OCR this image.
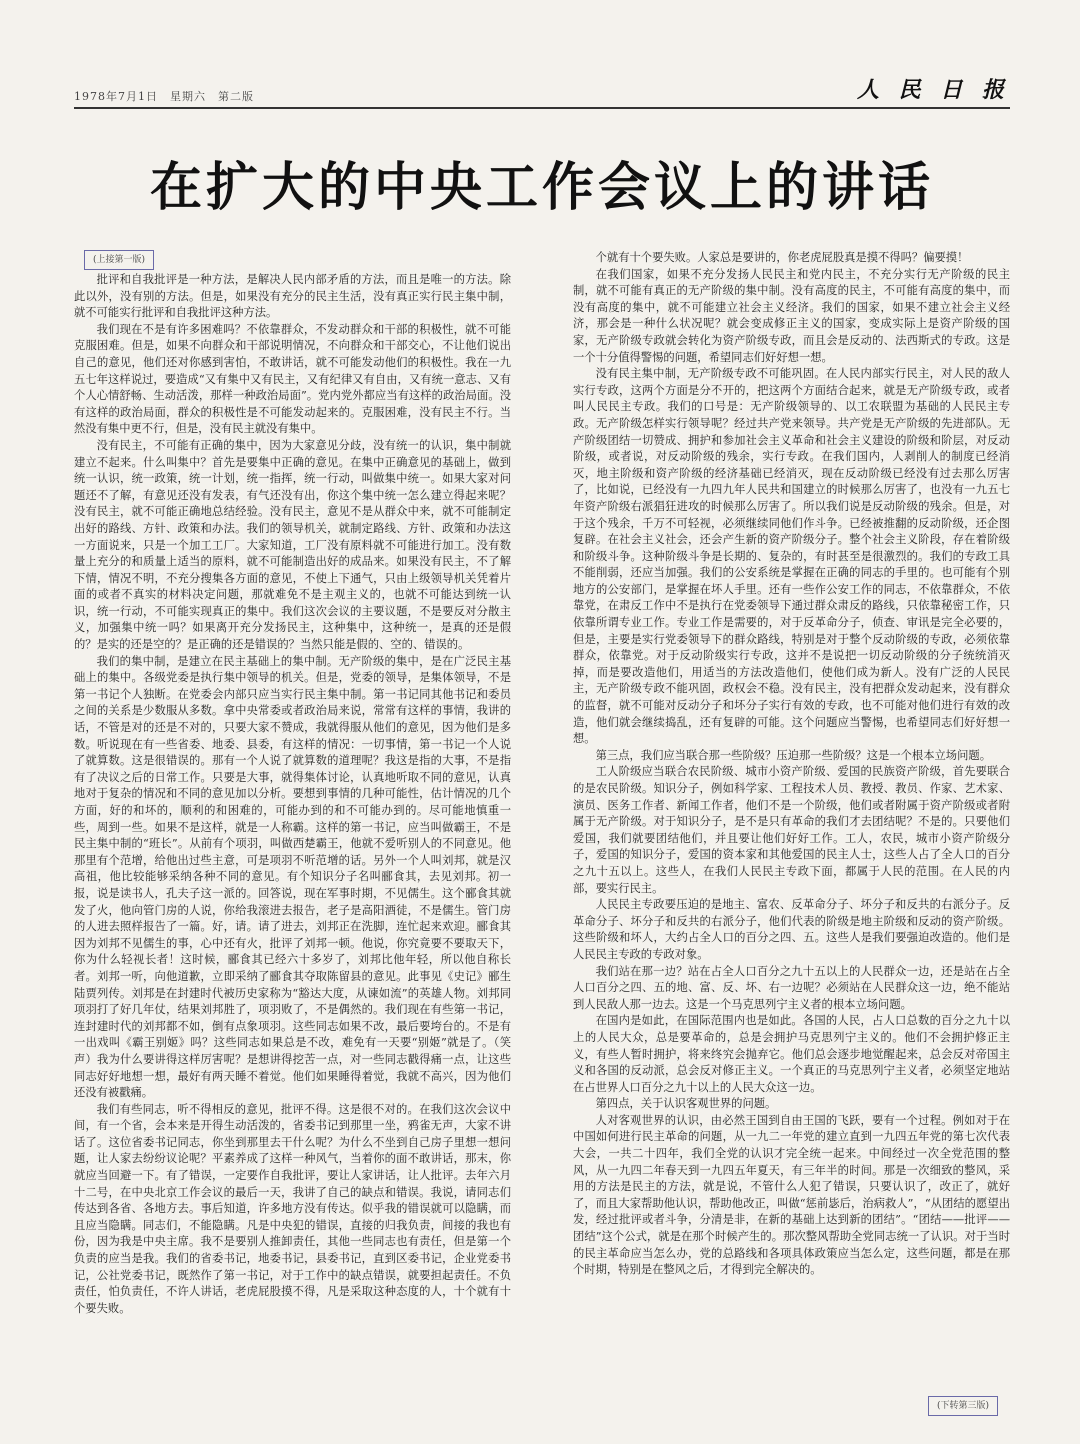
1978年7月1日　星期六　第二版	人 民 日 报
在扩大的中央工作会议上的讲话
(上接第一版)

批评和自我批评是一种方法，是解决人民内部矛盾的方法，而且是唯一的方法。除此以外，没有别的方法。但是，如果没有充分的民主生活，没有真正实行民主集中制，就不可能实行批评和自我批评这种方法。

我们现在不是有许多困难吗？不依靠群众，不发动群众和干部的积极性，就不可能克服困难。但是，如果不向群众和干部说明情况，不向群众和干部交心，不让他们说出自己的意见，他们还对你感到害怕，不敢讲话，就不可能发动他们的积极性。我在一九五七年这样说过，要造成“又有集中又有民主，又有纪律又有自由，又有统一意志、又有个人心情舒畅、生动活泼，那样一种政治局面”。党内党外都应当有这样的政治局面。没有这样的政治局面，群众的积极性是不可能发动起来的。克服困难，没有民主不行。当然没有集中更不行，但是，没有民主就没有集中。

没有民主，不可能有正确的集中，因为大家意见分歧，没有统一的认识，集中制就建立不起来。什么叫集中？首先是要集中正确的意见。在集中正确意见的基础上，做到统一认识，统一政策，统一计划，统一指挥，统一行动，叫做集中统一。如果大家对问题还不了解，有意见还没有发表，有气还没有出，你这个集中统一怎么建立得起来呢？没有民主，就不可能正确地总结经验。没有民主，意见不是从群众中来，就不可能制定出好的路线、方针、政策和办法。我们的领导机关，就制定路线、方针、政策和办法这一方面说来，只是一个加工工厂。大家知道，工厂没有原料就不可能进行加工。没有数量上充分的和质量上适当的原料，就不可能制造出好的成品来。如果没有民主，不了解下情，情况不明，不充分搜集各方面的意见，不使上下通气，只由上级领导机关凭着片面的或者不真实的材料决定问题，那就难免不是主观主义的，也就不可能达到统一认识，统一行动，不可能实现真正的集中。我们这次会议的主要议题，不是要反对分散主义，加强集中统一吗？如果离开充分发扬民主，这种集中，这种统一，是真的还是假的？是实的还是空的？是正确的还是错误的？当然只能是假的、空的、错误的。

我们的集中制，是建立在民主基础上的集中制。无产阶级的集中，是在广泛民主基础上的集中。各级党委是执行集中领导的机关。但是，党委的领导，是集体领导，不是第一书记个人独断。在党委会内部只应当实行民主集中制。第一书记同其他书记和委员之间的关系是少数服从多数。拿中央常委或者政治局来说，常常有这样的事情，我讲的话，不管是对的还是不对的，只要大家不赞成，我就得服从他们的意见，因为他们是多数。听说现在有一些省委、地委、县委，有这样的情况：一切事情，第一书记一个人说了就算数。这是很错误的。那有一个人说了就算数的道理呢？我这是指的大事，不是指有了决议之后的日常工作。只要是大事，就得集体讨论，认真地听取不同的意见，认真地对于复杂的情况和不同的意见加以分析。要想到事情的几种可能性，估计情况的几个方面，好的和坏的，顺利的和困难的，可能办到的和不可能办到的。尽可能地慎重一些，周到一些。如果不是这样，就是一人称霸。这样的第一书记，应当叫做霸王，不是民主集中制的“班长”。从前有个项羽，叫做西楚霸王，他就不爱听别人的不同意见。他那里有个范增，给他出过些主意，可是项羽不听范增的话。另外一个人叫刘邦，就是汉高祖，他比较能够采纳各种不同的意见。有个知识分子名叫郦食其，去见刘邦。初一报，说是读书人，孔夫子这一派的。回答说，现在军事时期，不见儒生。这个郦食其就发了火，他向管门房的人说，你给我滚进去报告，老子是高阳酒徒，不是儒生。管门房的人进去照样报告了一篇。好，请。请了进去，刘邦正在洗脚，连忙起来欢迎。郦食其因为刘邦不见儒生的事，心中还有火，批评了刘邦一顿。他说，你究竟要不要取天下，你为什么轻视长者！这时候，郦食其已经六十多岁了，刘邦比他年轻，所以他自称长者。刘邦一听，向他道歉，立即采纳了郦食其夺取陈留县的意见。此事见《史记》郦生陆贾列传。刘邦是在封建时代被历史家称为“豁达大度，从谏如流”的英雄人物。刘邦同项羽打了好几年仗，结果刘邦胜了，项羽败了，不是偶然的。我们现在有些第一书记，连封建时代的刘邦都不如，倒有点象项羽。这些同志如果不改，最后要垮台的。不是有一出戏叫《霸王别姬》吗？这些同志如果总是不改，难免有一天要“别姬”就是了。（笑声）我为什么要讲得这样厉害呢？是想讲得挖苦一点，对一些同志戳得痛一点，让这些同志好好地想一想，最好有两天睡不着觉。他们如果睡得着觉，我就不高兴，因为他们还没有被戳痛。

我们有些同志，听不得相反的意见，批评不得。这是很不对的。在我们这次会议中间，有一个省，会本来是开得生动活泼的，省委书记到那里一坐，鸦雀无声，大家不讲话了。这位省委书记同志，你坐到那里去干什么呢？为什么不坐到自己房子里想一想问题，让人家去纷纷议论呢？平素养成了这样一种风气，当着你的面不敢讲话，那末，你就应当回避一下。有了错误，一定要作自我批评，要让人家讲话，让人批评。去年六月十二号，在中央北京工作会议的最后一天，我讲了自己的缺点和错误。我说，请同志们传达到各省、各地方去。事后知道，许多地方没有传达。似乎我的错误就可以隐瞒，而且应当隐瞒。同志们，不能隐瞒。凡是中央犯的错误，直接的归我负责，间接的我也有份，因为我是中央主席。我不是要别人推卸责任，其他一些同志也有责任，但是第一个负责的应当是我。我们的省委书记，地委书记，县委书记，直到区委书记，企业党委书记，公社党委书记，既然作了第一书记，对于工作中的缺点错误，就要担起责任。不负责任，怕负责任，不许人讲话，老虎屁股摸不得，凡是采取这种态度的人，十个就有十个要失败。

个就有十个要失败。人家总是要讲的，你老虎屁股真是摸不得吗？偏要摸！

在我们国家，如果不充分发扬人民民主和党内民主，不充分实行无产阶级的民主制，就不可能有真正的无产阶级的集中制。没有高度的民主，不可能有高度的集中，而没有高度的集中，就不可能建立社会主义经济。我们的国家，如果不建立社会主义经济，那会是一种什么状况呢？就会变成修正主义的国家，变成实际上是资产阶级的国家，无产阶级专政就会转化为资产阶级专政，而且会是反动的、法西斯式的专政。这是一个十分值得警惕的问题，希望同志们好好想一想。

没有民主集中制，无产阶级专政不可能巩固。在人民内部实行民主，对人民的敌人实行专政，这两个方面是分不开的，把这两个方面结合起来，就是无产阶级专政，或者叫人民民主专政。我们的口号是：无产阶级领导的、以工农联盟为基础的人民民主专政。无产阶级怎样实行领导呢？经过共产党来领导。共产党是无产阶级的先进部队。无产阶级团结一切赞成、拥护和参加社会主义革命和社会主义建设的阶级和阶层，对反动阶级，或者说，对反动阶级的残余，实行专政。在我们国内，人剥削人的制度已经消灭，地主阶级和资产阶级的经济基础已经消灭，现在反动阶级已经没有过去那么厉害了，比如说，已经没有一九四九年人民共和国建立的时候那么厉害了，也没有一九五七年资产阶级右派猖狂进攻的时候那么厉害了。所以我们说是反动阶级的残余。但是，对于这个残余，千万不可轻视，必须继续同他们作斗争。已经被推翻的反动阶级，还企图复辟。在社会主义社会，还会产生新的资产阶级分子。整个社会主义阶段，存在着阶级和阶级斗争。这种阶级斗争是长期的、复杂的，有时甚至是很激烈的。我们的专政工具不能削弱，还应当加强。我们的公安系统是掌握在正确的同志的手里的。也可能有个别地方的公安部门，是掌握在坏人手里。还有一些作公安工作的同志，不依靠群众，不依靠党，在肃反工作中不是执行在党委领导下通过群众肃反的路线，只依靠秘密工作，只依靠所谓专业工作。专业工作是需要的，对于反革命分子，侦查、审讯是完全必要的，但是，主要是实行党委领导下的群众路线，特别是对于整个反动阶级的专政，必须依靠群众，依靠党。对于反动阶级实行专政，这并不是说把一切反动阶级的分子统统消灭掉，而是要改造他们，用适当的方法改造他们，使他们成为新人。没有广泛的人民民主，无产阶级专政不能巩固，政权会不稳。没有民主，没有把群众发动起来，没有群众的监督，就不可能对反动分子和坏分子实行有效的专政，也不可能对他们进行有效的改造，他们就会继续捣乱，还有复辟的可能。这个问题应当警惕，也希望同志们好好想一想。

第三点，我们应当联合那一些阶级？压迫那一些阶级？这是一个根本立场问题。

工人阶级应当联合农民阶级、城市小资产阶级、爱国的民族资产阶级，首先要联合的是农民阶级。知识分子，例如科学家、工程技术人员、教授、教员、作家、艺术家、演员、医务工作者、新闻工作者，他们不是一个阶级，他们或者附属于资产阶级或者附属于无产阶级。对于知识分子，是不是只有革命的我们才去团结呢？不是的。只要他们爱国，我们就要团结他们，并且要让他们好好工作。工人，农民，城市小资产阶级分子，爱国的知识分子，爱国的资本家和其他爱国的民主人士，这些人占了全人口的百分之九十五以上。这些人，在我们人民民主专政下面，都属于人民的范围。在人民的内部，要实行民主。

人民民主专政要压迫的是地主、富农、反革命分子、坏分子和反共的右派分子。反革命分子、坏分子和反共的右派分子，他们代表的阶级是地主阶级和反动的资产阶级。这些阶级和坏人，大约占全人口的百分之四、五。这些人是我们要强迫改造的。他们是人民民主专政的专政对象。

我们站在那一边？站在占全人口百分之九十五以上的人民群众一边，还是站在占全人口百分之四、五的地、富、反、坏、右一边呢？必须站在人民群众这一边，绝不能站到人民敌人那一边去。这是一个马克思列宁主义者的根本立场问题。

在国内是如此，在国际范围内也是如此。各国的人民，占人口总数的百分之九十以上的人民大众，总是要革命的，总是会拥护马克思列宁主义的。他们不会拥护修正主义，有些人暂时拥护，将来终究会抛弃它。他们总会逐步地觉醒起来，总会反对帝国主义和各国的反动派，总会反对修正主义。一个真正的马克思列宁主义者，必须坚定地站在占世界人口百分之九十以上的人民大众这一边。

第四点，关于认识客观世界的问题。

人对客观世界的认识，由必然王国到自由王国的飞跃，要有一个过程。例如对于在中国如何进行民主革命的问题，从一九二一年党的建立直到一九四五年党的第七次代表大会，一共二十四年，我们全党的认识才完全统一起来。中间经过一次全党范围的整风，从一九四二年春天到一九四五年夏天，有三年半的时间。那是一次细致的整风，采用的方法是民主的方法，就是说，不管什么人犯了错误，只要认识了，改正了，就好了，而且大家帮助他认识，帮助他改正，叫做“惩前毖后，治病救人”，“从团结的愿望出发，经过批评或者斗争，分清是非，在新的基础上达到新的团结”。“团结——批评——团结”这个公式，就是在那个时候产生的。那次整风帮助全党同志统一了认识。对于当时的民主革命应当怎么办，党的总路线和各项具体政策应当怎么定，这些问题，都是在那个时期，特别是在整风之后，才得到完全解决的。

(下转第三版)
